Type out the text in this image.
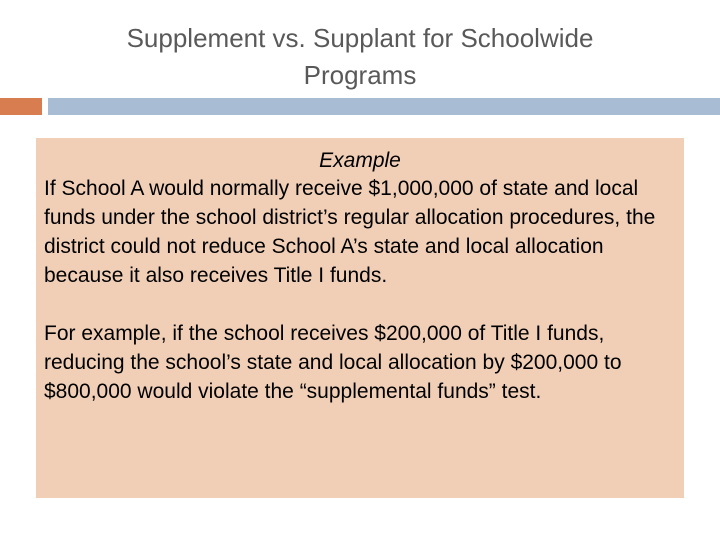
Supplement vs. Supplant for Schoolwide
Programs
Example

If School A would normally receive $1,000,000 of state and local funds under the school district’s regular allocation procedures, the district could not reduce School A’s state and local allocation because it also receives Title I funds.

For example, if the school receives $200,000 of Title I funds, reducing the school’s state and local allocation by $200,000 to $800,000 would violate the “supplemental funds” test.
